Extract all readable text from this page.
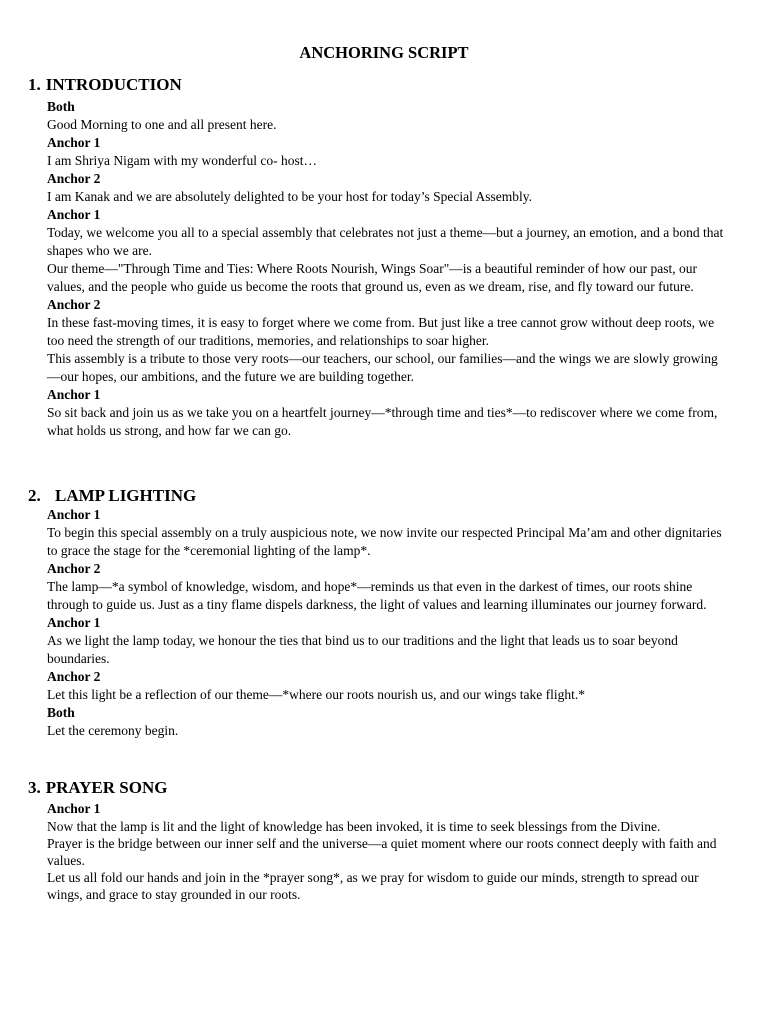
ANCHORING SCRIPT
1. INTRODUCTION

Both

Good Morning to one and all present here.

Anchor 1

I am Shriya Nigam with my wonderful co- host…

Anchor 2

I am Kanak and we are absolutely delighted to be your host for today’s Special Assembly.

Anchor 1

Today, we welcome you all to a special assembly that celebrates not just a theme—but a journey, an emotion, and a bond that shapes who we are.

Our theme—"Through Time and Ties: Where Roots Nourish, Wings Soar"—is a beautiful reminder of how our past, our values, and the people who guide us become the roots that ground us, even as we dream, rise, and fly toward our future.

Anchor 2

In these fast-moving times, it is easy to forget where we come from. But just like a tree cannot grow without deep roots, we too need the strength of our traditions, memories, and relationships to soar higher.

This assembly is a tribute to those very roots—our teachers, our school, our families—and the wings we are slowly growing—our hopes, our ambitions, and the future we are building together.

Anchor 1

So sit back and join us as we take you on a heartfelt journey—*through time and ties*—to rediscover where we come from, what holds us strong, and how far we can go.

2. LAMP LIGHTING

Anchor 1

To begin this special assembly on a truly auspicious note, we now invite our respected Principal Ma’am and other dignitaries to grace the stage for the *ceremonial lighting of the lamp*.

Anchor 2

The lamp—*a symbol of knowledge, wisdom, and hope*—reminds us that even in the darkest of times, our roots shine through to guide us. Just as a tiny flame dispels darkness, the light of values and learning illuminates our journey forward.

Anchor 1

As we light the lamp today, we honour the ties that bind us to our traditions and the light that leads us to soar beyond boundaries.

Anchor 2

Let this light be a reflection of our theme—*where our roots nourish us, and our wings take flight.*

Both

Let the ceremony begin.

3. PRAYER SONG

Anchor 1

Now that the lamp is lit and the light of knowledge has been invoked, it is time to seek blessings from the Divine.

Prayer is the bridge between our inner self and the universe—a quiet moment where our roots connect deeply with faith and values.

Let us all fold our hands and join in the *prayer song*, as we pray for wisdom to guide our minds, strength to spread our wings, and grace to stay grounded in our roots.
